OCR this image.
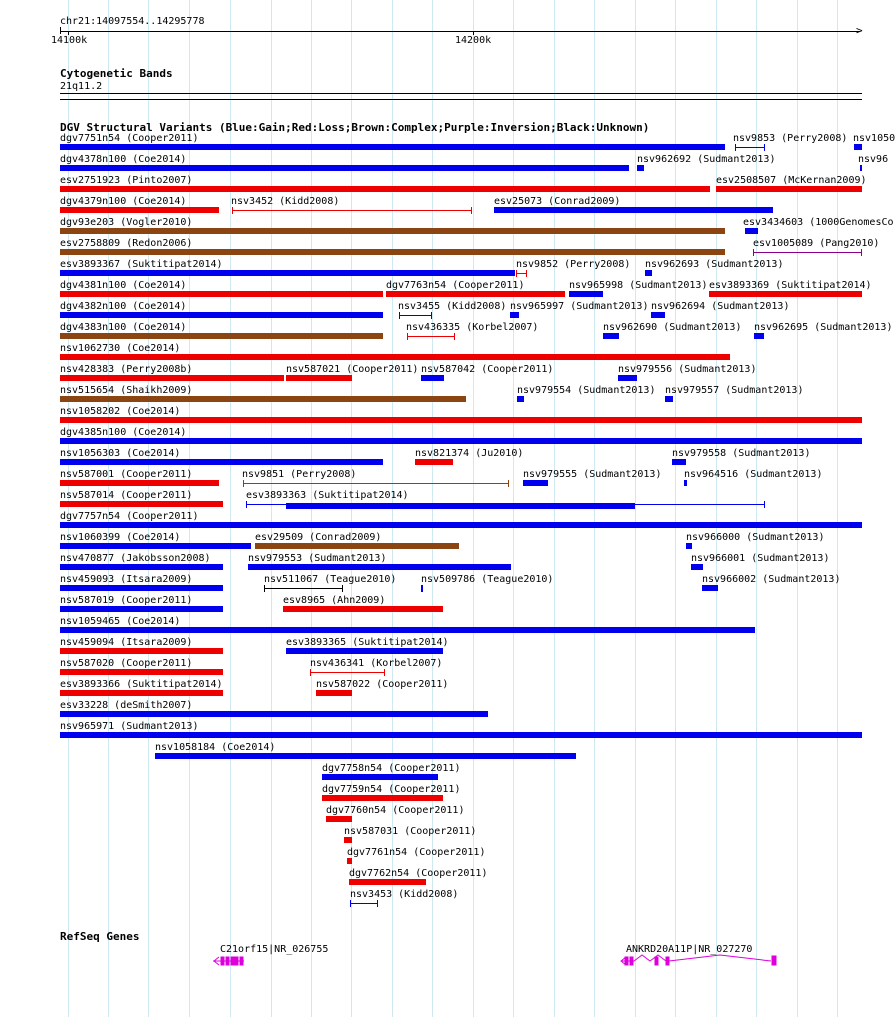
chr21:14097554..14295778
>
14100k	14200k
Cytogenetic Bands
21q11.2
DGV Structural Variants (Blue:Gain;Red:Loss;Brown:Complex;Purple:Inversion;Black:Unknown)
RefSeq Genes
C21orf15|NR_026755	ANKRD20A11P|NR_027270
dgv7751n54 (Cooper2011)	nsv9853 (Perry2008) nsv1050
dgv4378n100 (Coe2014)	nsv962692 (Sudmant2013)	nsv96
esv2751923 (Pinto2007)	esv2508507 (McKernan2009)
dgv4379n100 (Coe2014)	nsv3452 (Kidd2008)	esv25073 (Conrad2009)
dgv93e203 (Vogler2010)	esv3434603 (1000GenomesCo
esv2758809 (Redon2006)	esv1005089 (Pang2010)
esv3893367 (Suktitipat2014)	nsv9852 (Perry2008) nsv962693 (Sudmant2013)
dgv4381n100 (Coe2014)	dgv7763n54 (Cooper2011)	nsv965998 (Sudmant2013) esv3893369 (Suktitipat2014)
dgv4382n100 (Coe2014)	nsv3455 (Kidd2008) nsv965997 (Sudmant2013) nsv962694 (Sudmant2013)
dgv4383n100 (Coe2014)	nsv436335 (Korbel2007)	nsv962690 (Sudmant2013) nsv962695 (Sudmant2013)
nsv1062730 (Coe2014)
nsv428383 (Perry2008b)	nsv587021 (Cooper2011) nsv587042 (Cooper2011)	nsv979556 (Sudmant2013)
nsv515654 (Shaikh2009)	nsv979554 (Sudmant2013) nsv979557 (Sudmant2013)
nsv1058202 (Coe2014)
dgv4385n100 (Coe2014)
nsv1056303 (Coe2014)	nsv821374 (Ju2010)	nsv979558 (Sudmant2013)
nsv587001 (Cooper2011)	nsv9851 (Perry2008)	nsv979555 (Sudmant2013) nsv964516 (Sudmant2013)
nsv587014 (Cooper2011)	esv3893363 (Suktitipat2014)
dgv7757n54 (Cooper2011)
nsv1060399 (Coe2014)	esv29509 (Conrad2009)	nsv966000 (Sudmant2013)
nsv470877 (Jakobsson2008)	nsv979553 (Sudmant2013)	nsv966001 (Sudmant2013)
nsv459093 (Itsara2009)	nsv511067 (Teague2010) nsv509786 (Teague2010)	nsv966002 (Sudmant2013)
nsv587019 (Cooper2011)	esv8965 (Ahn2009)
nsv1059465 (Coe2014)
nsv459094 (Itsara2009)	esv3893365 (Suktitipat2014)
nsv587020 (Cooper2011)	nsv436341 (Korbel2007)
esv3893366 (Suktitipat2014)	nsv587022 (Cooper2011)
esv33228 (deSmith2007)
nsv965971 (Sudmant2013)
nsv1058184 (Coe2014)
dgv7758n54 (Cooper2011)
dgv7759n54 (Cooper2011)
dgv7760n54 (Cooper2011)
nsv587031 (Cooper2011)
dgv7761n54 (Cooper2011)
dgv7762n54 (Cooper2011)
nsv3453 (Kidd2008)
